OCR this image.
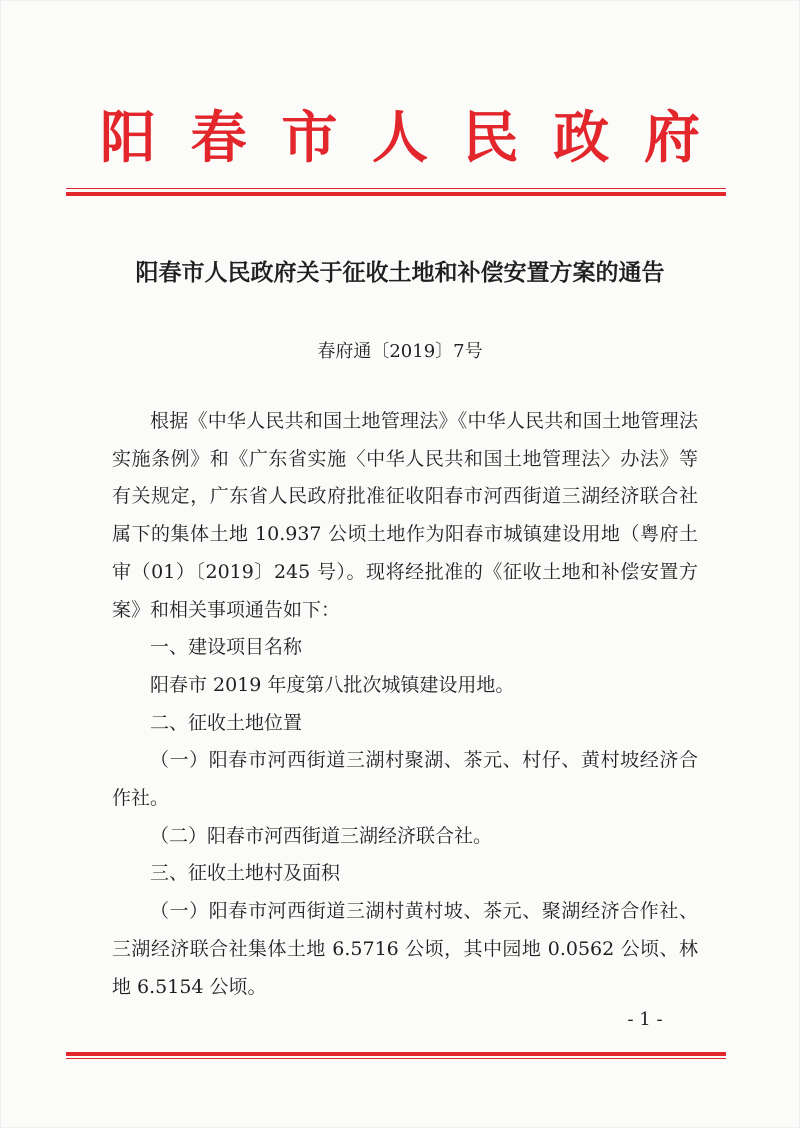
阳 春 市 人 民 政 府
阳春市人民政府关于征收土地和补偿安置方案的通告
春府通〔2019〕7号

根据《中华人民共和国土地管理法》《中华人民共和国土地管理法实施条例》和《广东省实施〈中华人民共和国土地管理法〉办法》等有关规定，广东省人民政府批准征收阳春市河西街道三湖经济联合社属下的集体土地 10.937 公顷土地作为阳春市城镇建设用地（粤府土审（01）〔2019〕245 号）。现将经批准的《征收土地和补偿安置方案》和相关事项通告如下：

一、建设项目名称

阳春市 2019 年度第八批次城镇建设用地。

二、征收土地位置

（一）阳春市河西街道三湖村聚湖、茶元、村仔、黄村坡经济合作社。

（二）阳春市河西街道三湖经济联合社。

三、征收土地村及面积

（一）阳春市河西街道三湖村黄村坡、茶元、聚湖经济合作社、三湖经济联合社集体土地 6.5716 公顷，其中园地 0.0562 公顷、林地 6.5154 公顷。

- 1 -
